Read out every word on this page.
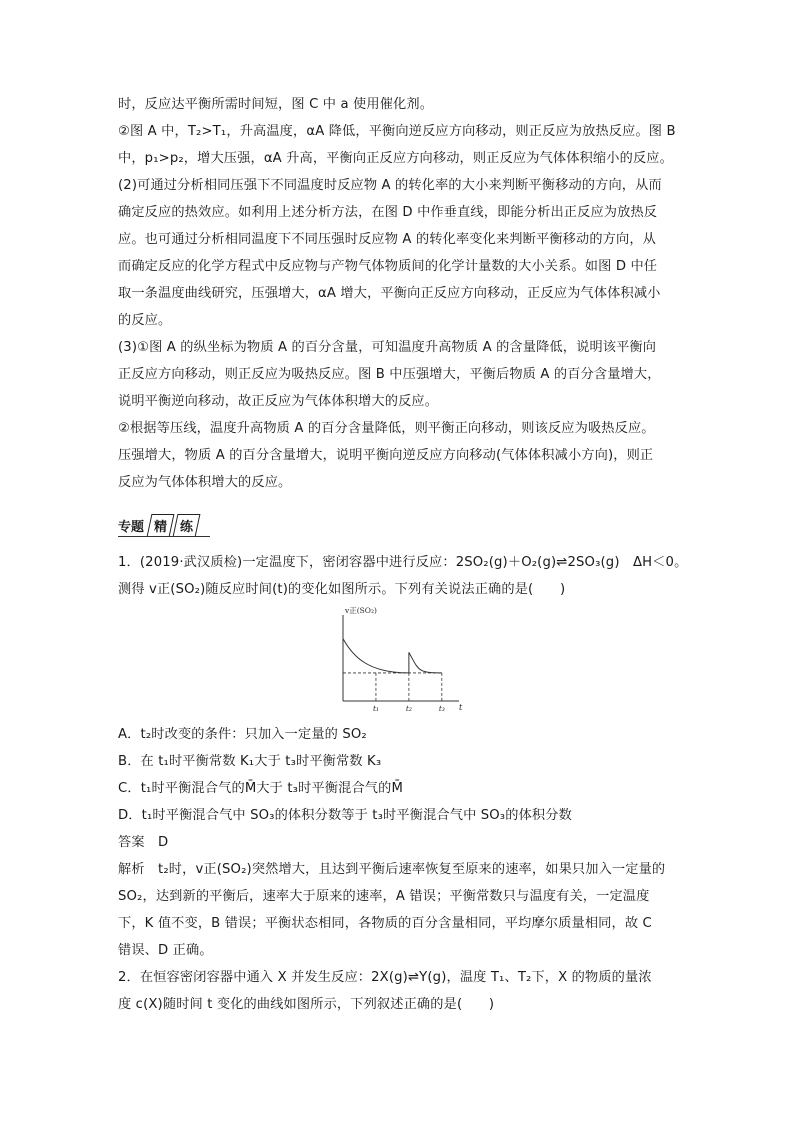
时，反应达平衡所需时间短，图 C 中 a 使用催化剂。
②图 A 中，T₂>T₁，升高温度，αA 降低，平衡向逆反应方向移动，则正反应为放热反应。图 B
中，p₁>p₂，增大压强，αA 升高，平衡向正反应方向移动，则正反应为气体体积缩小的反应。
(2)可通过分析相同压强下不同温度时反应物 A 的转化率的大小来判断平衡移动的方向，从而
确定反应的热效应。如利用上述分析方法，在图 D 中作垂直线，即能分析出正反应为放热反
应。也可通过分析相同温度下不同压强时反应物 A 的转化率变化来判断平衡移动的方向，从
而确定反应的化学方程式中反应物与产物气体物质间的化学计量数的大小关系。如图 D 中任
取一条温度曲线研究，压强增大，αA 增大，平衡向正反应方向移动，正反应为气体体积减小
的反应。
(3)①图 A 的纵坐标为物质 A 的百分含量，可知温度升高物质 A 的含量降低，说明该平衡向
正反应方向移动，则正反应为吸热反应。图 B 中压强增大，平衡后物质 A 的百分含量增大，
说明平衡逆向移动，故正反应为气体体积增大的反应。
②根据等压线，温度升高物质 A 的百分含量降低，则平衡正向移动，则该反应为吸热反应。
压强增大，物质 A 的百分含量增大，说明平衡向逆反应方向移动(气体体积减小方向)，则正
反应为气体体积增大的反应。
专题 精	练
1．(2019·武汉质检)一定温度下，密闭容器中进行反应：2SO₂(g)＋O₂(g)⇌2SO₃(g)　ΔH＜0。
测得 v正(SO₂)随反应时间(t)的变化如图所示。下列有关说法正确的是(　　)
v正(SO₂)
t
t₁	t₂	t₃
A．t₂时改变的条件：只加入一定量的 SO₂
B．在 t₁时平衡常数 K₁大于 t₃时平衡常数 K₃
C．t₁时平衡混合气的M̄大于 t₃时平衡混合气的M̄
D．t₁时平衡混合气中 SO₃的体积分数等于 t₃时平衡混合气中 SO₃的体积分数
答案　D
解析　t₂时，v正(SO₂)突然增大，且达到平衡后速率恢复至原来的速率，如果只加入一定量的
SO₂，达到新的平衡后，速率大于原来的速率，A 错误；平衡常数只与温度有关，一定温度
下，K 值不变，B 错误；平衡状态相同，各物质的百分含量相同，平均摩尔质量相同，故 C
错误、D 正确。
2．在恒容密闭容器中通入 X 并发生反应：2X(g)⇌Y(g)，温度 T₁、T₂下，X 的物质的量浓
度 c(X)随时间 t 变化的曲线如图所示，下列叙述正确的是(　　)
